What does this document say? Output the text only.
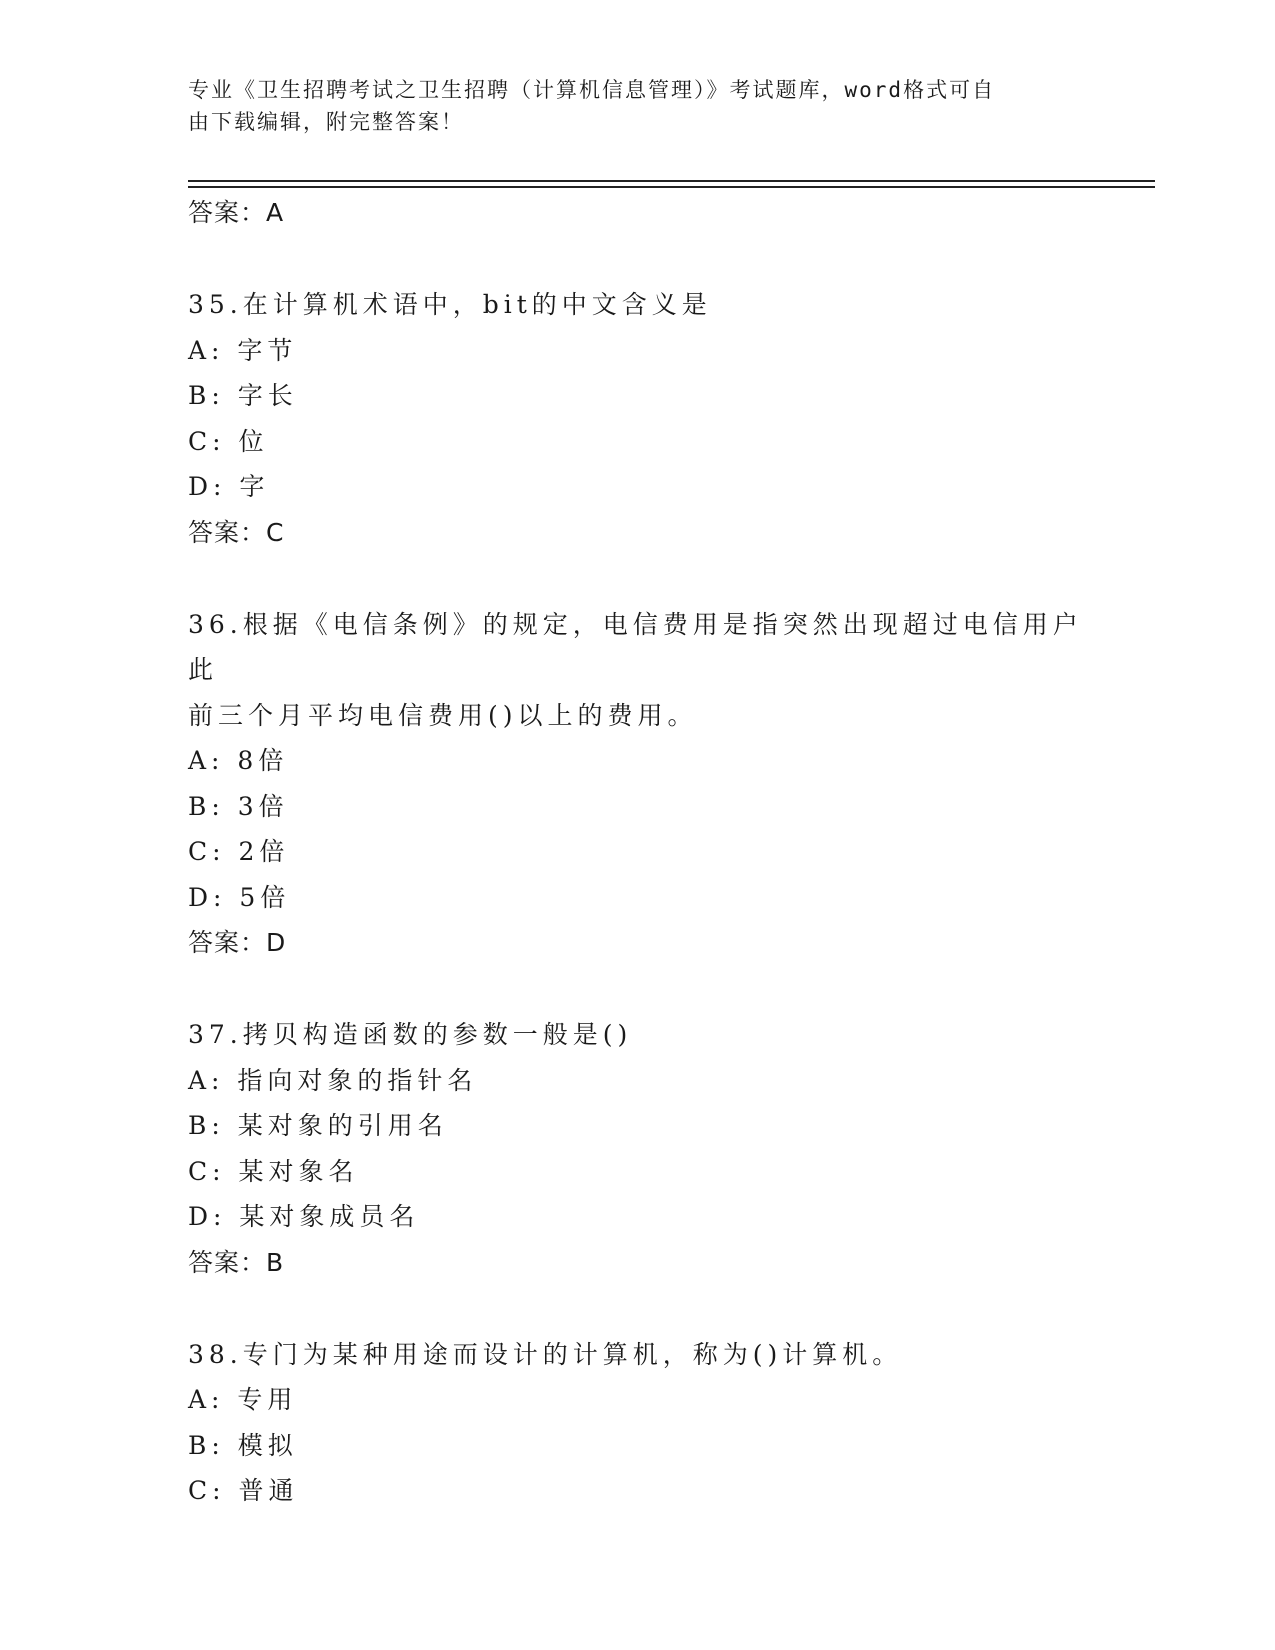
专业《卫生招聘考试之卫生招聘（计算机信息管理）》考试题库，word格式可自
由下载编辑，附完整答案！
答案：A
35.在计算机术语中，bit的中文含义是
A: 字节
B: 字长
C: 位
D: 字
答案：C
36.根据《电信条例》的规定，电信费用是指突然出现超过电信用户此
前三个月平均电信费用()以上的费用。
A: 8倍
B: 3倍
C: 2倍
D: 5倍
答案：D
37.拷贝构造函数的参数一般是()
A: 指向对象的指针名
B: 某对象的引用名
C: 某对象名
D: 某对象成员名
答案：B
38.专门为某种用途而设计的计算机，称为()计算机。
A: 专用
B: 模拟
C: 普通
